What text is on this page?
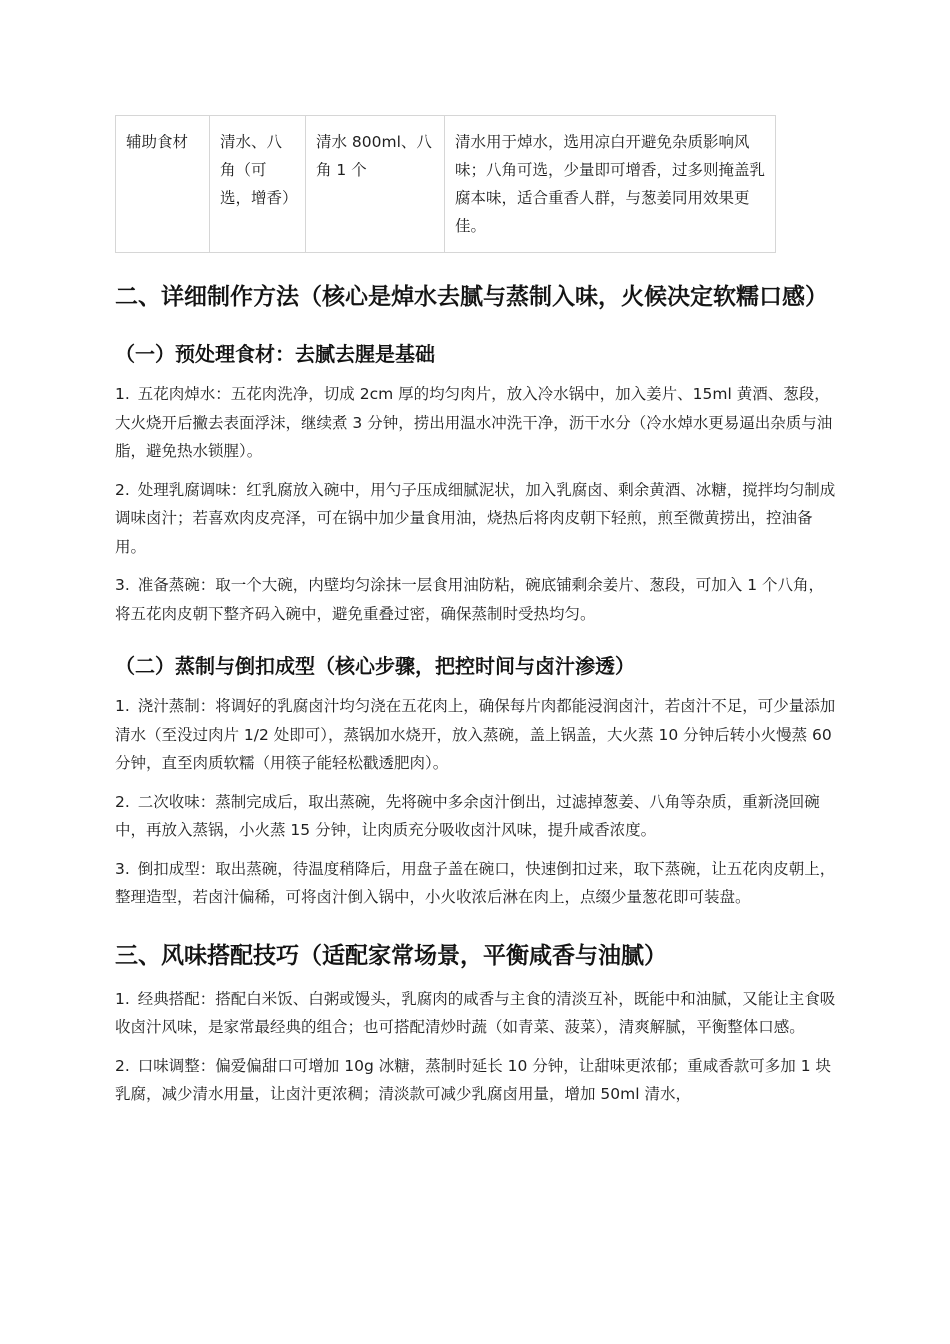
辅助食材	清水、八角（可选，增香）	清水 800ml、八角 1 个	清水用于焯水，选用凉白开避免杂质影响风味；八角可选，少量即可增香，过多则掩盖乳腐本味，适合重香人群，与葱姜同用效果更佳。
二、详细制作方法（核心是焯水去腻与蒸制入味，火候决定软糯口感）
（一）预处理食材：去腻去腥是基础

1. 五花肉焯水：五花肉洗净，切成 2cm 厚的均匀肉片，放入冷水锅中，加入姜片、15ml 黄酒、葱段，大火烧开后撇去表面浮沫，继续煮 3 分钟，捞出用温水冲洗干净，沥干水分（冷水焯水更易逼出杂质与油脂，避免热水锁腥）。

2. 处理乳腐调味：红乳腐放入碗中，用勺子压成细腻泥状，加入乳腐卤、剩余黄酒、冰糖，搅拌均匀制成调味卤汁；若喜欢肉皮亮泽，可在锅中加少量食用油，烧热后将肉皮朝下轻煎，煎至微黄捞出，控油备用。

3. 准备蒸碗：取一个大碗，内壁均匀涂抹一层食用油防粘，碗底铺剩余姜片、葱段，可加入 1 个八角，将五花肉皮朝下整齐码入碗中，避免重叠过密，确保蒸制时受热均匀。

（二）蒸制与倒扣成型（核心步骤，把控时间与卤汁渗透）

1. 浇汁蒸制：将调好的乳腐卤汁均匀浇在五花肉上，确保每片肉都能浸润卤汁，若卤汁不足，可少量添加清水（至没过肉片 1/2 处即可），蒸锅加水烧开，放入蒸碗，盖上锅盖，大火蒸 10 分钟后转小火慢蒸 60 分钟，直至肉质软糯（用筷子能轻松戳透肥肉）。

2. 二次收味：蒸制完成后，取出蒸碗，先将碗中多余卤汁倒出，过滤掉葱姜、八角等杂质，重新浇回碗中，再放入蒸锅，小火蒸 15 分钟，让肉质充分吸收卤汁风味，提升咸香浓度。

3. 倒扣成型：取出蒸碗，待温度稍降后，用盘子盖在碗口，快速倒扣过来，取下蒸碗，让五花肉皮朝上，整理造型，若卤汁偏稀，可将卤汁倒入锅中，小火收浓后淋在肉上，点缀少量葱花即可装盘。

三、风味搭配技巧（适配家常场景，平衡咸香与油腻）

1. 经典搭配：搭配白米饭、白粥或馒头，乳腐肉的咸香与主食的清淡互补，既能中和油腻，又能让主食吸收卤汁风味，是家常最经典的组合；也可搭配清炒时蔬（如青菜、菠菜），清爽解腻，平衡整体口感。

2. 口味调整：偏爱偏甜口可增加 10g 冰糖，蒸制时延长 10 分钟，让甜味更浓郁；重咸香款可多加 1 块乳腐，减少清水用量，让卤汁更浓稠；清淡款可减少乳腐卤用量，增加 50ml 清水，
